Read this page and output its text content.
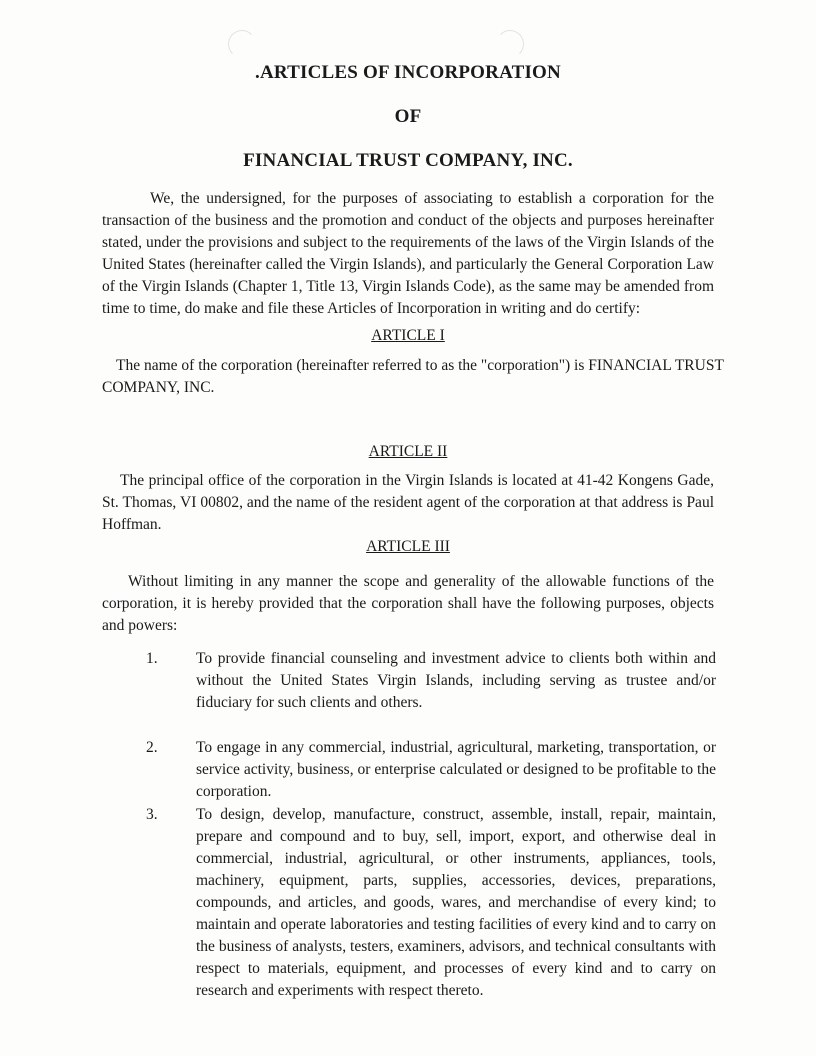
.ARTICLES OF INCORPORATION
OF
FINANCIAL TRUST COMPANY, INC.
We, the undersigned, for the purposes of associating to establish a corporation for the transaction of the business and the promotion and conduct of the objects and purposes hereinafter stated, under the provisions and subject to the requirements of the laws of the Virgin Islands of the United States (hereinafter called the Virgin Islands), and particularly the General Corporation Law of the Virgin Islands (Chapter 1, Title 13, Virgin Islands Code), as the same may be amended from time to time, do make and file these Articles of Incorporation in writing and do certify:
ARTICLE I
The name of the corporation (hereinafter referred to as the "corporation") is FINANCIAL TRUST COMPANY, INC.
ARTICLE II
The principal office of the corporation in the Virgin Islands is located at 41-42 Kongens Gade, St. Thomas, VI 00802, and the name of the resident agent of the corporation at that address is Paul Hoffman.
ARTICLE III
Without limiting in any manner the scope and generality of the allowable functions of the corporation, it is hereby provided that the corporation shall have the following purposes, objects and powers:
1.	To provide financial counseling and investment advice to clients both within and without the United States Virgin Islands, including serving as trustee and/or fiduciary for such clients and others.
2.	To engage in any commercial, industrial, agricultural, marketing, transportation, or service activity, business, or enterprise calculated or designed to be profitable to the corporation.
3.	To design, develop, manufacture, construct, assemble, install, repair, maintain, prepare and compound and to buy, sell, import, export, and otherwise deal in commercial, industrial, agricultural, or other instruments, appliances, tools, machinery, equipment, parts, supplies, accessories, devices, preparations, compounds, and articles, and goods, wares, and merchandise of every kind; to maintain and operate laboratories and testing facilities of every kind and to carry on the business of analysts, testers, examiners, advisors, and technical consultants with respect to materials, equipment, and processes of every kind and to carry on research and experiments with respect thereto.
